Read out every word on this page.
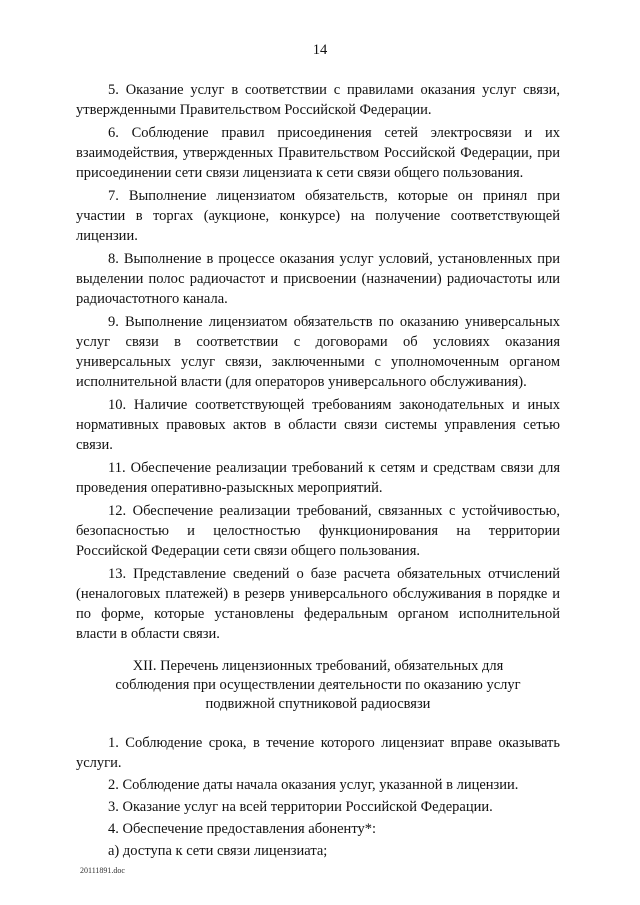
14

5. Оказание услуг в соответствии с правилами оказания услуг связи, утвержденными Правительством Российской Федерации.

6. Соблюдение правил присоединения сетей электросвязи и их взаимодействия, утвержденных Правительством Российской Федерации, при присоединении сети связи лицензиата к сети связи общего пользования.

7. Выполнение лицензиатом обязательств, которые он принял при участии в торгах (аукционе, конкурсе) на получение соответствующей лицензии.

8. Выполнение в процессе оказания услуг условий, установленных при выделении полос радиочастот и присвоении (назначении) радиочастоты или радиочастотного канала.

9. Выполнение лицензиатом обязательств по оказанию универсальных услуг связи в соответствии с договорами об условиях оказания универсальных услуг связи, заключенными с уполномоченным органом исполнительной власти (для операторов универсального обслуживания).

10. Наличие соответствующей требованиям законодательных и иных нормативных правовых актов в области связи системы управления сетью связи.

11. Обеспечение реализации требований к сетям и средствам связи для проведения оперативно-разыскных мероприятий.

12. Обеспечение реализации требований, связанных с устойчивостью, безопасностью и целостностью функционирования на территории Российской Федерации сети связи общего пользования.

13. Представление сведений о базе расчета обязательных отчислений (неналоговых платежей) в резерв универсального обслуживания в порядке и по форме, которые установлены федеральным органом исполнительной власти в области связи.

XII. Перечень лицензионных требований, обязательных для соблюдения при осуществлении деятельности по оказанию услуг подвижной спутниковой радиосвязи

1. Соблюдение срока, в течение которого лицензиат вправе оказывать услуги.

2. Соблюдение даты начала оказания услуг, указанной в лицензии.

3. Оказание услуг на всей территории Российской Федерации.

4. Обеспечение предоставления абоненту*:

а) доступа к сети связи лицензиата;

20111891.doc
